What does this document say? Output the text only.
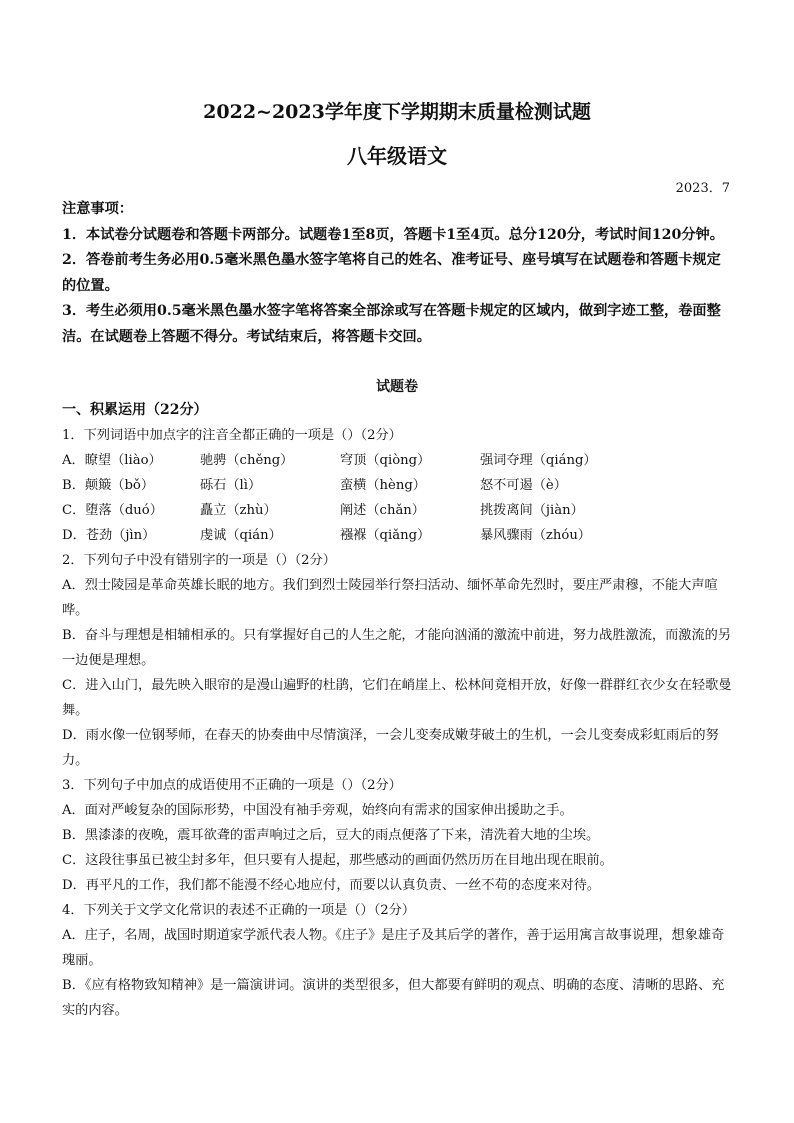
2022~2023学年度下学期期末质量检测试题
八年级语文
2023．7

注意事项：

1．本试卷分试题卷和答题卡两部分。试题卷1至8页，答题卡1至4页。总分120分，考试时间120分钟。

2．答卷前考生务必用0.5毫米黑色墨水签字笔将自己的姓名、准考证号、座号填写在试题卷和答题卡规定的位置。

3．考生必须用0.5毫米黑色墨水签字笔将答案全部涂或写在答题卡规定的区域内，做到字迹工整，卷面整洁。在试题卷上答题不得分。考试结束后，将答题卡交回。

试题卷

一、积累运用（22分）

1．下列词语中加点字的注音全都正确的一项是（）（2分）

A．瞭望（liào）	驰骋（chěng）	穹顶（qiòng）	强词夺理（qiáng）
B．颠簸（bǒ）	砾石（lì）	蛮横（hèng）	怒不可遏（è）
C．堕落（duó）	矗立（zhù）	阐述（chǎn）	挑拨离间（jiàn）
D．苍劲（jìn）	虔诚（qián）	襁褓（qiǎng）	暴风骤雨（zhóu）

2．下列句子中没有错别字的一项是（）（2分）

A．烈士陵园是革命英雄长眠的地方。我们到烈士陵园举行祭扫活动、缅怀革命先烈时，要庄严肃穆，不能大声喧哗。

B．奋斗与理想是相辅相承的。只有掌握好自己的人生之舵，才能向汹涌的激流中前进，努力战胜激流，而激流的另一边便是理想。

C．进入山门，最先映入眼帘的是漫山遍野的杜鹃，它们在峭崖上、松林间竟相开放，好像一群群红衣少女在轻歌曼舞。

D．雨水像一位钢琴师，在春天的协奏曲中尽情演泽，一会儿变奏成嫩芽破土的生机，一会儿变奏成彩虹雨后的努力。

3．下列句子中加点的成语使用不正确的一项是（）（2分）

A．面对严峻复杂的国际形势，中国没有袖手旁观，始终向有需求的国家伸出援助之手。

B．黑漆漆的夜晚，震耳欲聋的雷声响过之后，豆大的雨点便落了下来，清洗着大地的尘埃。

C．这段往事虽已被尘封多年，但只要有人提起，那些感动的画面仍然历历在目地出现在眼前。

D．再平凡的工作，我们都不能漫不经心地应付，而要以认真负责、一丝不苟的态度来对待。

4．下列关于文学文化常识的表述不正确的一项是（）（2分）

A．庄子，名周，战国时期道家学派代表人物。《庄子》是庄子及其后学的著作，善于运用寓言故事说理，想象雄奇瑰丽。

B．《应有格物致知精神》是一篇演讲词。演讲的类型很多，但大都要有鲜明的观点、明确的态度、清晰的思路、充实的内容。
